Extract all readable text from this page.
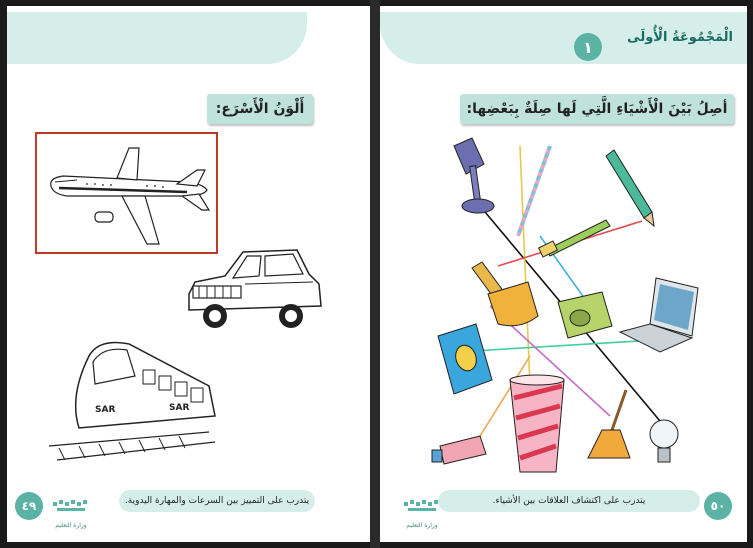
أَلْوَنُ الْأَسْرَع:
SAR	SAR
يتدرب على التمييز بين السرعات والمهارة اليدوية.
٤٩
وزارة التعليم
الْمَجْمُوعَةُ الْأُولَى
١
أصِلُ بَيْنَ الْأَشْيَاءِ الَّتِي لَها صِلَةٌ بِبَعْضِها:
يتدرب على اكتشاف العلاقات بين الأشياء.	٥٠
وزارة التعليم
